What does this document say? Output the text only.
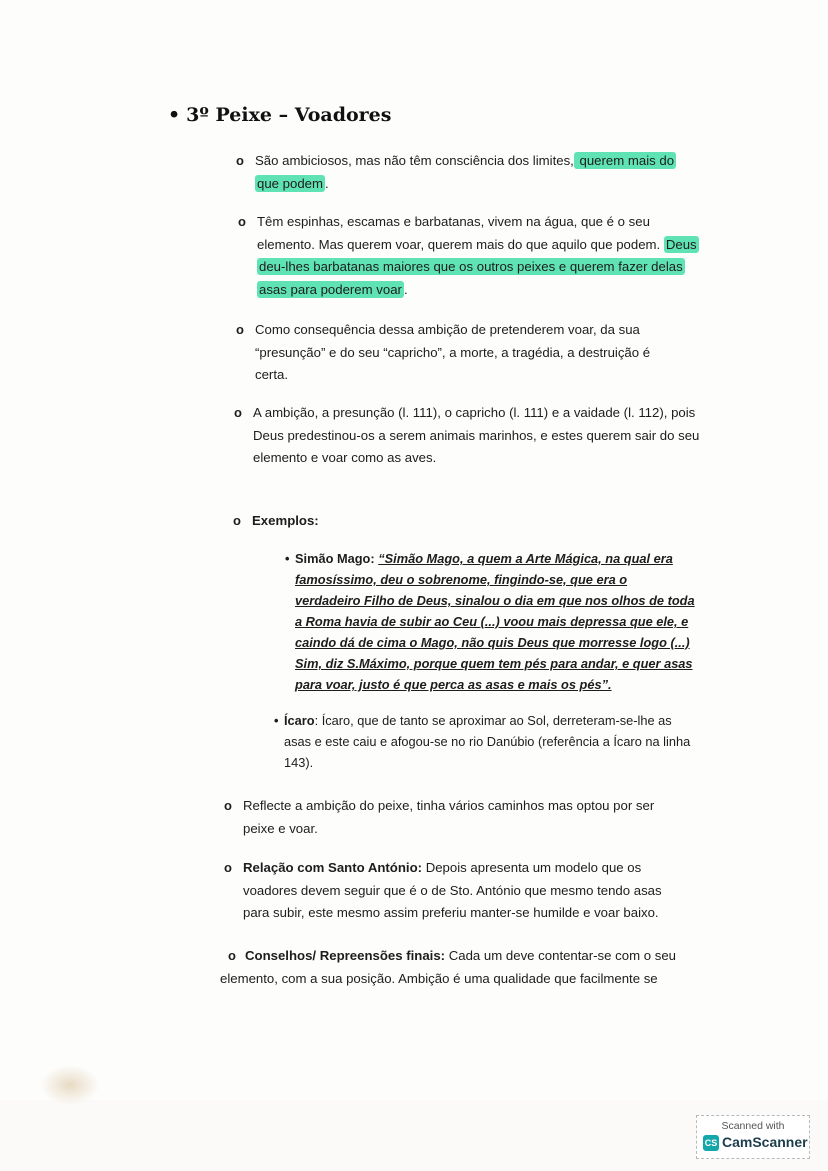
• 3º Peixe – Voadores
o São ambiciosos, mas não têm consciência dos limites, querem mais do que podem .
o Têm espinhas, escamas e barbatanas, vivem na água, que é o seu elemento. Mas querem voar, querem mais do que aquilo que podem. Deus deu-lhes barbatanas maiores que os outros peixes e querem fazer delas asas para poderem voar .
o Como consequência dessa ambição de pretenderem voar, da sua “presunção” e do seu “capricho”, a morte, a tragédia, a destruição é certa.
o A ambição, a presunção (l. 111), o capricho (l. 111) e a vaidade (l. 112), pois Deus predestinou-os a serem animais marinhos, e estes querem sair do seu elemento e voar como as aves.
o Exemplos:
• Simão Mago: “Simão Mago, a quem a Arte Mágica, na qual era famosíssimo, deu o sobrenome, fingindo-se, que era o verdadeiro Filho de Deus, sinalou o dia em que nos olhos de toda a Roma havia de subir ao Ceu (...) voou mais depressa que ele, e caindo dá de cima o Mago, não quis Deus que morresse logo (...) Sim, diz S.Máximo, porque quem tem pés para andar, e quer asas para voar, justo é que perca as asas e mais os pés”.
• Ícaro: Ícaro, que de tanto se aproximar ao Sol, derreteram-se-lhe as asas e este caiu e afogou-se no rio Danúbio (referência a Ícaro na linha 143).
o Reflecte a ambição do peixe, tinha vários caminhos mas optou por ser peixe e voar.
o Relação com Santo António: Depois apresenta um modelo que os voadores devem seguir que é o de Sto. António que mesmo tendo asas para subir, este mesmo assim preferiu manter-se humilde e voar baixo.
o Conselhos/ Repreensões finais: Cada um deve contentar-se com o seu elemento, com a sua posição. Ambição é uma qualidade que facilmente se
Scanned with
CS CamScanner
